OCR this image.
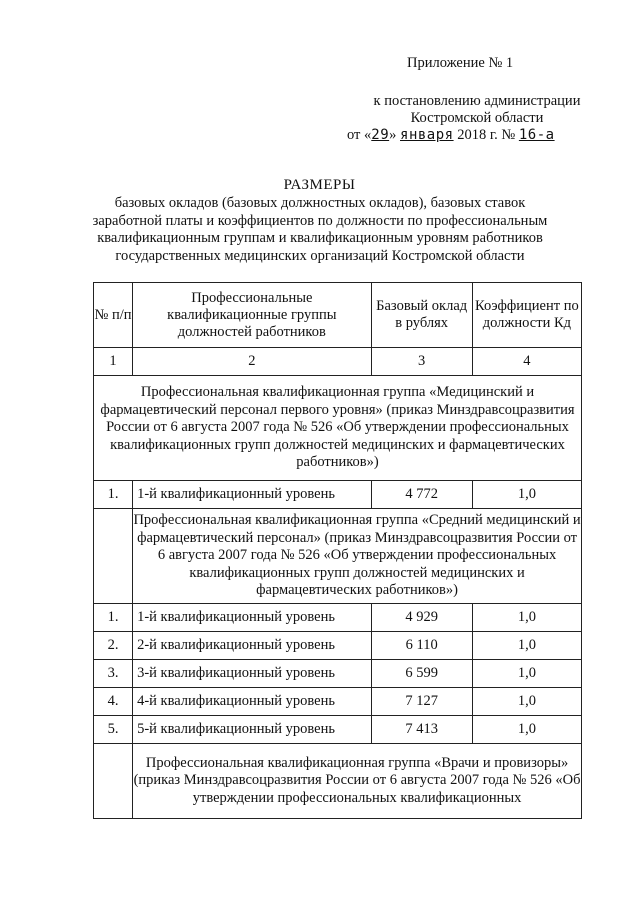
Приложение № 1
к постановлению администрации
Костромской области
от «29» января 2018 г. № 16-а
РАЗМЕРЫ
базовых окладов (базовых должностных окладов), базовых ставок заработной платы и коэффициентов по должности по профессиональным квалификационным группам и квалификационным уровням работников государственных медицинских организаций Костромской области
№ п/п	Профессиональные квалификационные группы должностей работников	Базовый оклад в рублях	Коэффициент по должности Кд
1	2	3	4
Профессиональная квалификационная группа «Медицинский и фармацевтический персонал первого уровня» (приказ Минздравсоцразвития России от 6 августа 2007 года № 526 «Об утверждении профессиональных квалификационных групп должностей медицинских и фармацевтических работников»)			
1.	1-й квалификационный уровень	4 772	1,0
	Профессиональная квалификационная группа «Средний медицинский и фармацевтический персонал» (приказ Минздравсоцразвития России от 6 августа 2007 года № 526 «Об утверждении профессиональных квалификационных групп должностей медицинских и фармацевтических работников»)		
1.	1-й квалификационный уровень	4 929	1,0
2.	2-й квалификационный уровень	6 110	1,0
3.	3-й квалификационный уровень	6 599	1,0
4.	4-й квалификационный уровень	7 127	1,0
5.	5-й квалификационный уровень	7 413	1,0
	Профессиональная квалификационная группа «Врачи и провизоры» (приказ Минздравсоцразвития России от 6 августа 2007 года № 526 «Об утверждении профессиональных квалификационных		
